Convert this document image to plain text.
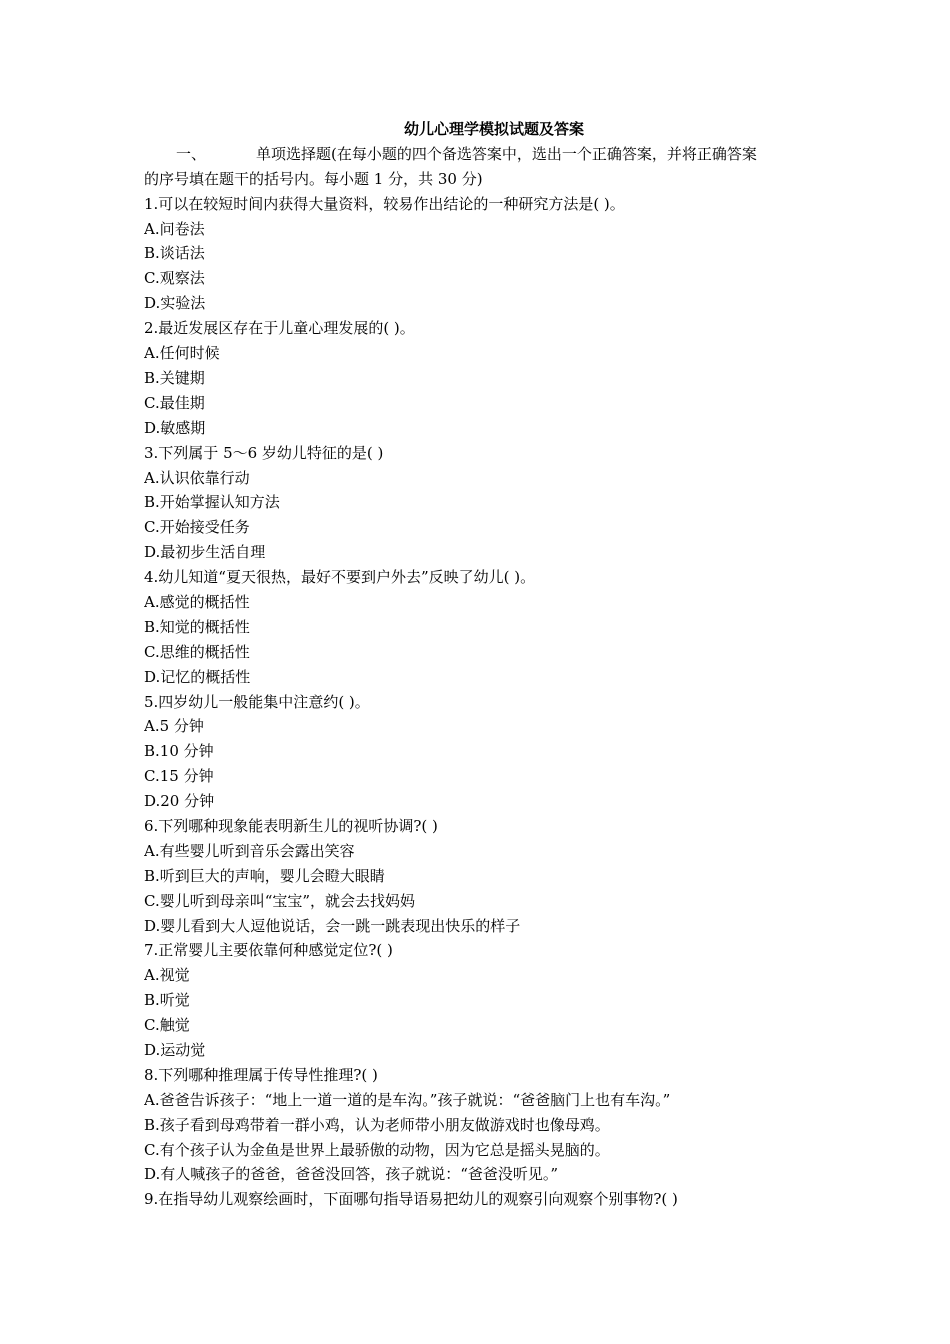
幼儿心理学模拟试题及答案
一、	单项选择题(在每小题的四个备选答案中，选出一个正确答案，并将正确答案
的序号填在题干的括号内。每小题 1 分，共 30 分)
1.可以在较短时间内获得大量资料，较易作出结论的一种研究方法是( )。
A.问卷法
B.谈话法
C.观察法
D.实验法
2.最近发展区存在于儿童心理发展的( )。
A.任何时候
B.关键期
C.最佳期
D.敏感期
3.下列属于 5～6 岁幼儿特征的是( )
A.认识依靠行动
B.开始掌握认知方法
C.开始接受任务
D.最初步生活自理
4.幼儿知道“夏天很热，最好不要到户外去”反映了幼儿( )。
A.感觉的概括性
B.知觉的概括性
C.思维的概括性
D.记忆的概括性
5.四岁幼儿一般能集中注意约( )。
A.5 分钟
B.10 分钟
C.15 分钟
D.20 分钟
6.下列哪种现象能表明新生儿的视听协调?( )
A.有些婴儿听到音乐会露出笑容
B.听到巨大的声响，婴儿会瞪大眼睛
C.婴儿听到母亲叫“宝宝”，就会去找妈妈
D.婴儿看到大人逗他说话，会一跳一跳表现出快乐的样子
7.正常婴儿主要依靠何种感觉定位?( )
A.视觉
B.听觉
C.触觉
D.运动觉
8.下列哪种推理属于传导性推理?( )
A.爸爸告诉孩子：“地上一道一道的是车沟。”孩子就说：“爸爸脑门上也有车沟。”
B.孩子看到母鸡带着一群小鸡，认为老师带小朋友做游戏时也像母鸡。
C.有个孩子认为金鱼是世界上最骄傲的动物，因为它总是摇头晃脑的。
D.有人喊孩子的爸爸，爸爸没回答，孩子就说：“爸爸没听见。”
9.在指导幼儿观察绘画时，下面哪句指导语易把幼儿的观察引向观察个别事物?( )
